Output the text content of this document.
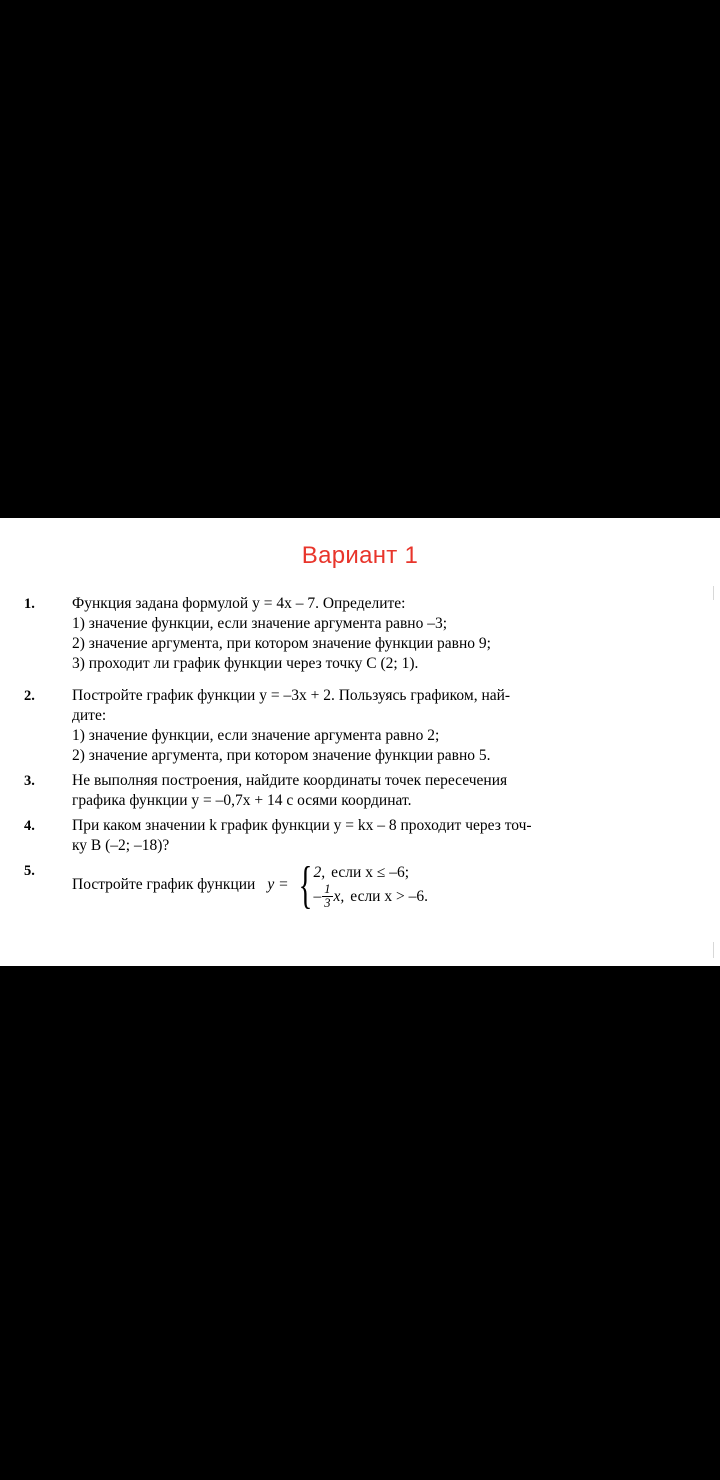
Вариант 1
1.	Функция задана формулой y = 4x – 7. Определите:
1) значение функции, если значение аргумента равно –3;
2) значение аргумента, при котором значение функции равно 9;
3) проходит ли график функции через точку C (2; 1).
2.	Постройте график функции y = –3x + 2. Пользуясь графиком, най-
дите:
1) значение функции, если значение аргумента равно 2;
2) значение аргумента, при котором значение функции равно 5.
3.	Не выполняя построения, найдите координаты точек пересечения
графика функции y = –0,7x + 14 с осями координат.
4.	При каком значении k график функции y = kx – 8 проходит через точ-
ку B (–2; –18)?
5.
Постройте график функции y = { 2, если x ≤ –6;
– $\frac{1}{3} x$, если x > –6.
